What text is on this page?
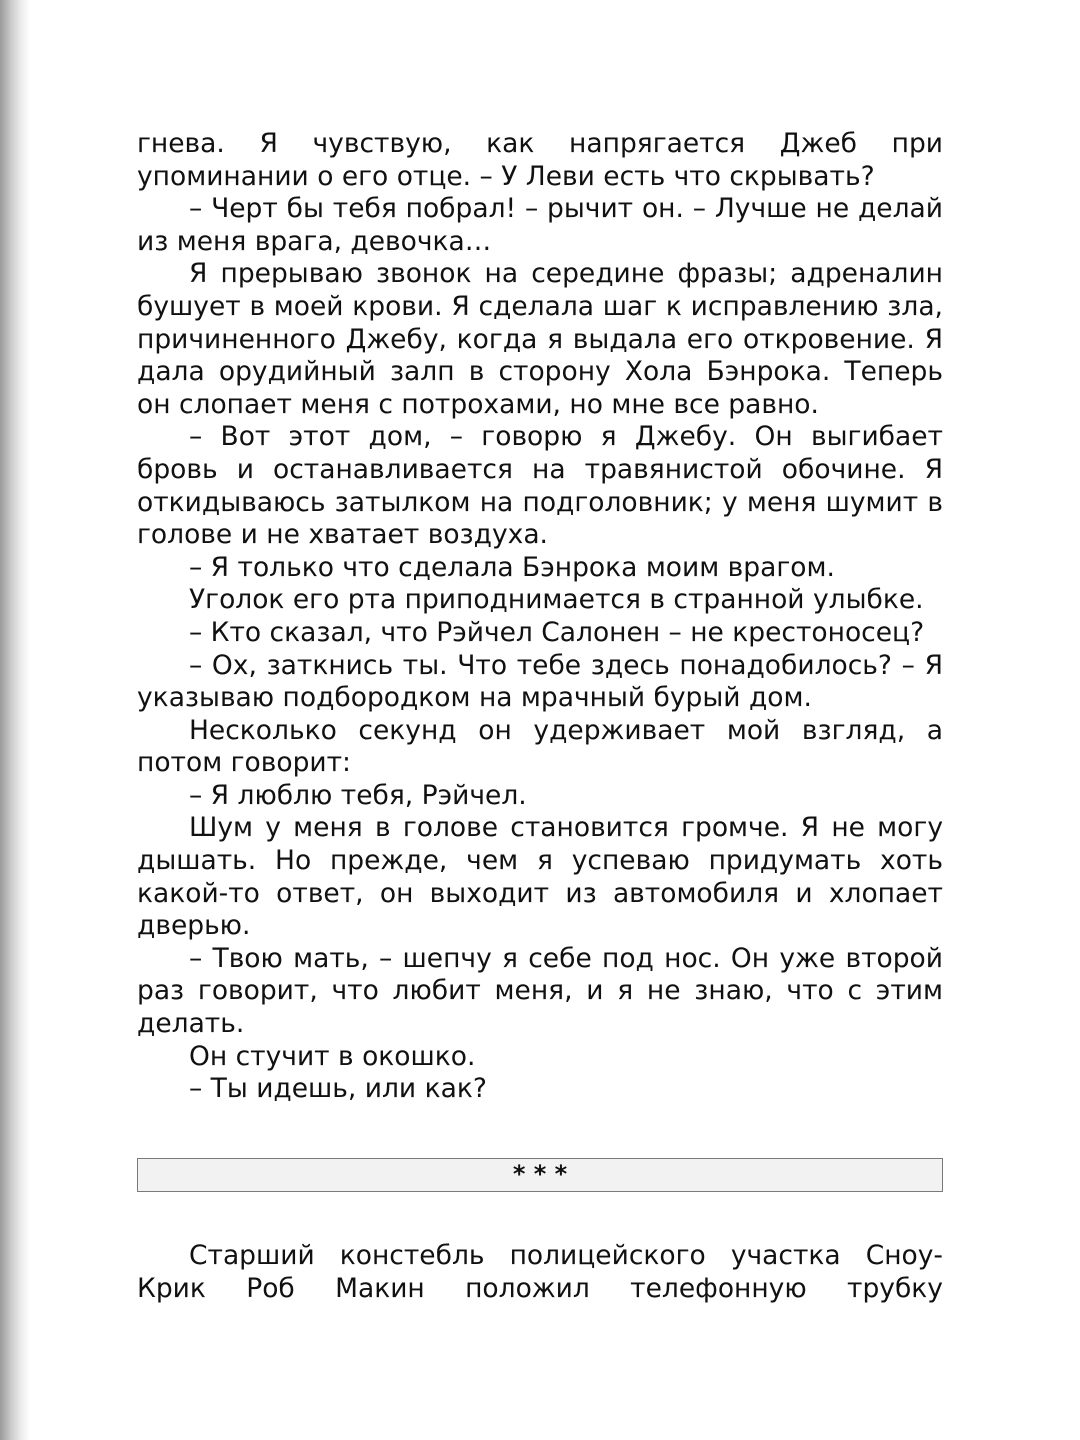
гнева. Я чувствую, как напрягается Джеб при упоминании о его отце. – У Леви есть что скрывать?

– Черт бы тебя побрал! – рычит он. – Лучше не делай из меня врага, девочка…

Я прерываю звонок на середине фразы; адреналин бушует в моей крови. Я сделала шаг к исправлению зла, причиненного Джебу, когда я выдала его откровение. Я дала орудийный залп в сторону Хола Бэнрока. Теперь он слопает меня с потрохами, но мне все равно.

– Вот этот дом, – говорю я Джебу. Он выгибает бровь и останавливается на травянистой обочине. Я откидываюсь затылком на подголовник; у меня шумит в голове и не хватает воздуха.

– Я только что сделала Бэнрока моим врагом.

Уголок его рта приподнимается в странной улыбке.

– Кто сказал, что Рэйчел Салонен – не крестоносец?

– Ох, заткнись ты. Что тебе здесь понадобилось? – Я указываю подбородком на мрачный бурый дом.

Несколько секунд он удерживает мой взгляд, а потом говорит:

– Я люблю тебя, Рэйчел.

Шум у меня в голове становится громче. Я не могу дышать. Но прежде, чем я успеваю придумать хоть какой-то ответ, он выходит из автомобиля и хлопает дверью.

– Твою мать, – шепчу я себе под нос. Он уже второй раз говорит, что любит меня, и я не знаю, что с этим делать.

Он стучит в окошко.

– Ты идешь, или как?

* * *

Старший констебль полицейского участка Сноу-Крик Роб Макин положил телефонную трубку
